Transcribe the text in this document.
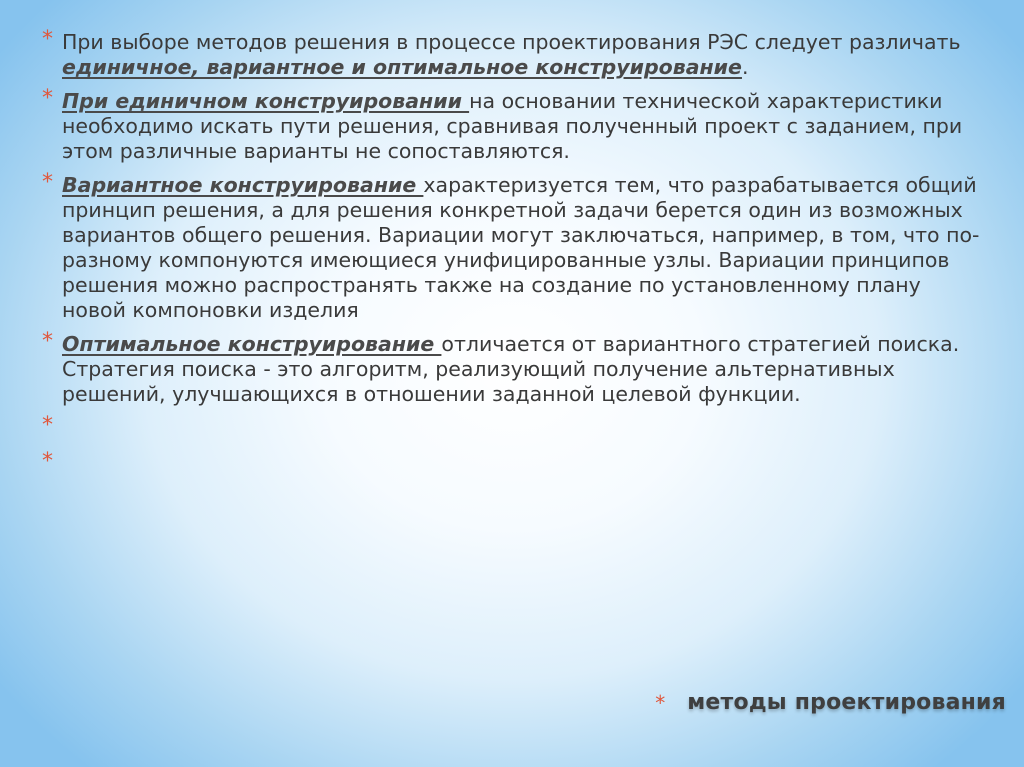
* При выборе методов решения в процессе проектирования РЭС следует различать единичное, вариантное и оптимальное конструирование.
* При единичном конструировании на основании технической характеристики необходимо искать пути решения, сравнивая полученный проект с заданием, при этом различные варианты не сопоставляются.
* Вариантное конструирование характеризуется тем, что разрабатывается общий принцип решения, а для решения конкретной задачи берется один из возможных вариантов общего решения. Вариации могут заключаться, например, в том, что по-разному компонуются имеющиеся унифицированные узлы. Вариации принципов решения можно распространять также на создание по установленному плану новой компоновки изделия
* Оптимальное конструирование отличается от вариантного стратегией поиска. Стратегия поиска - это алгоритм, реализующий получение альтернативных решений, улучшающихся в отношении заданной целевой функции.
*
*
* методы проектирования
